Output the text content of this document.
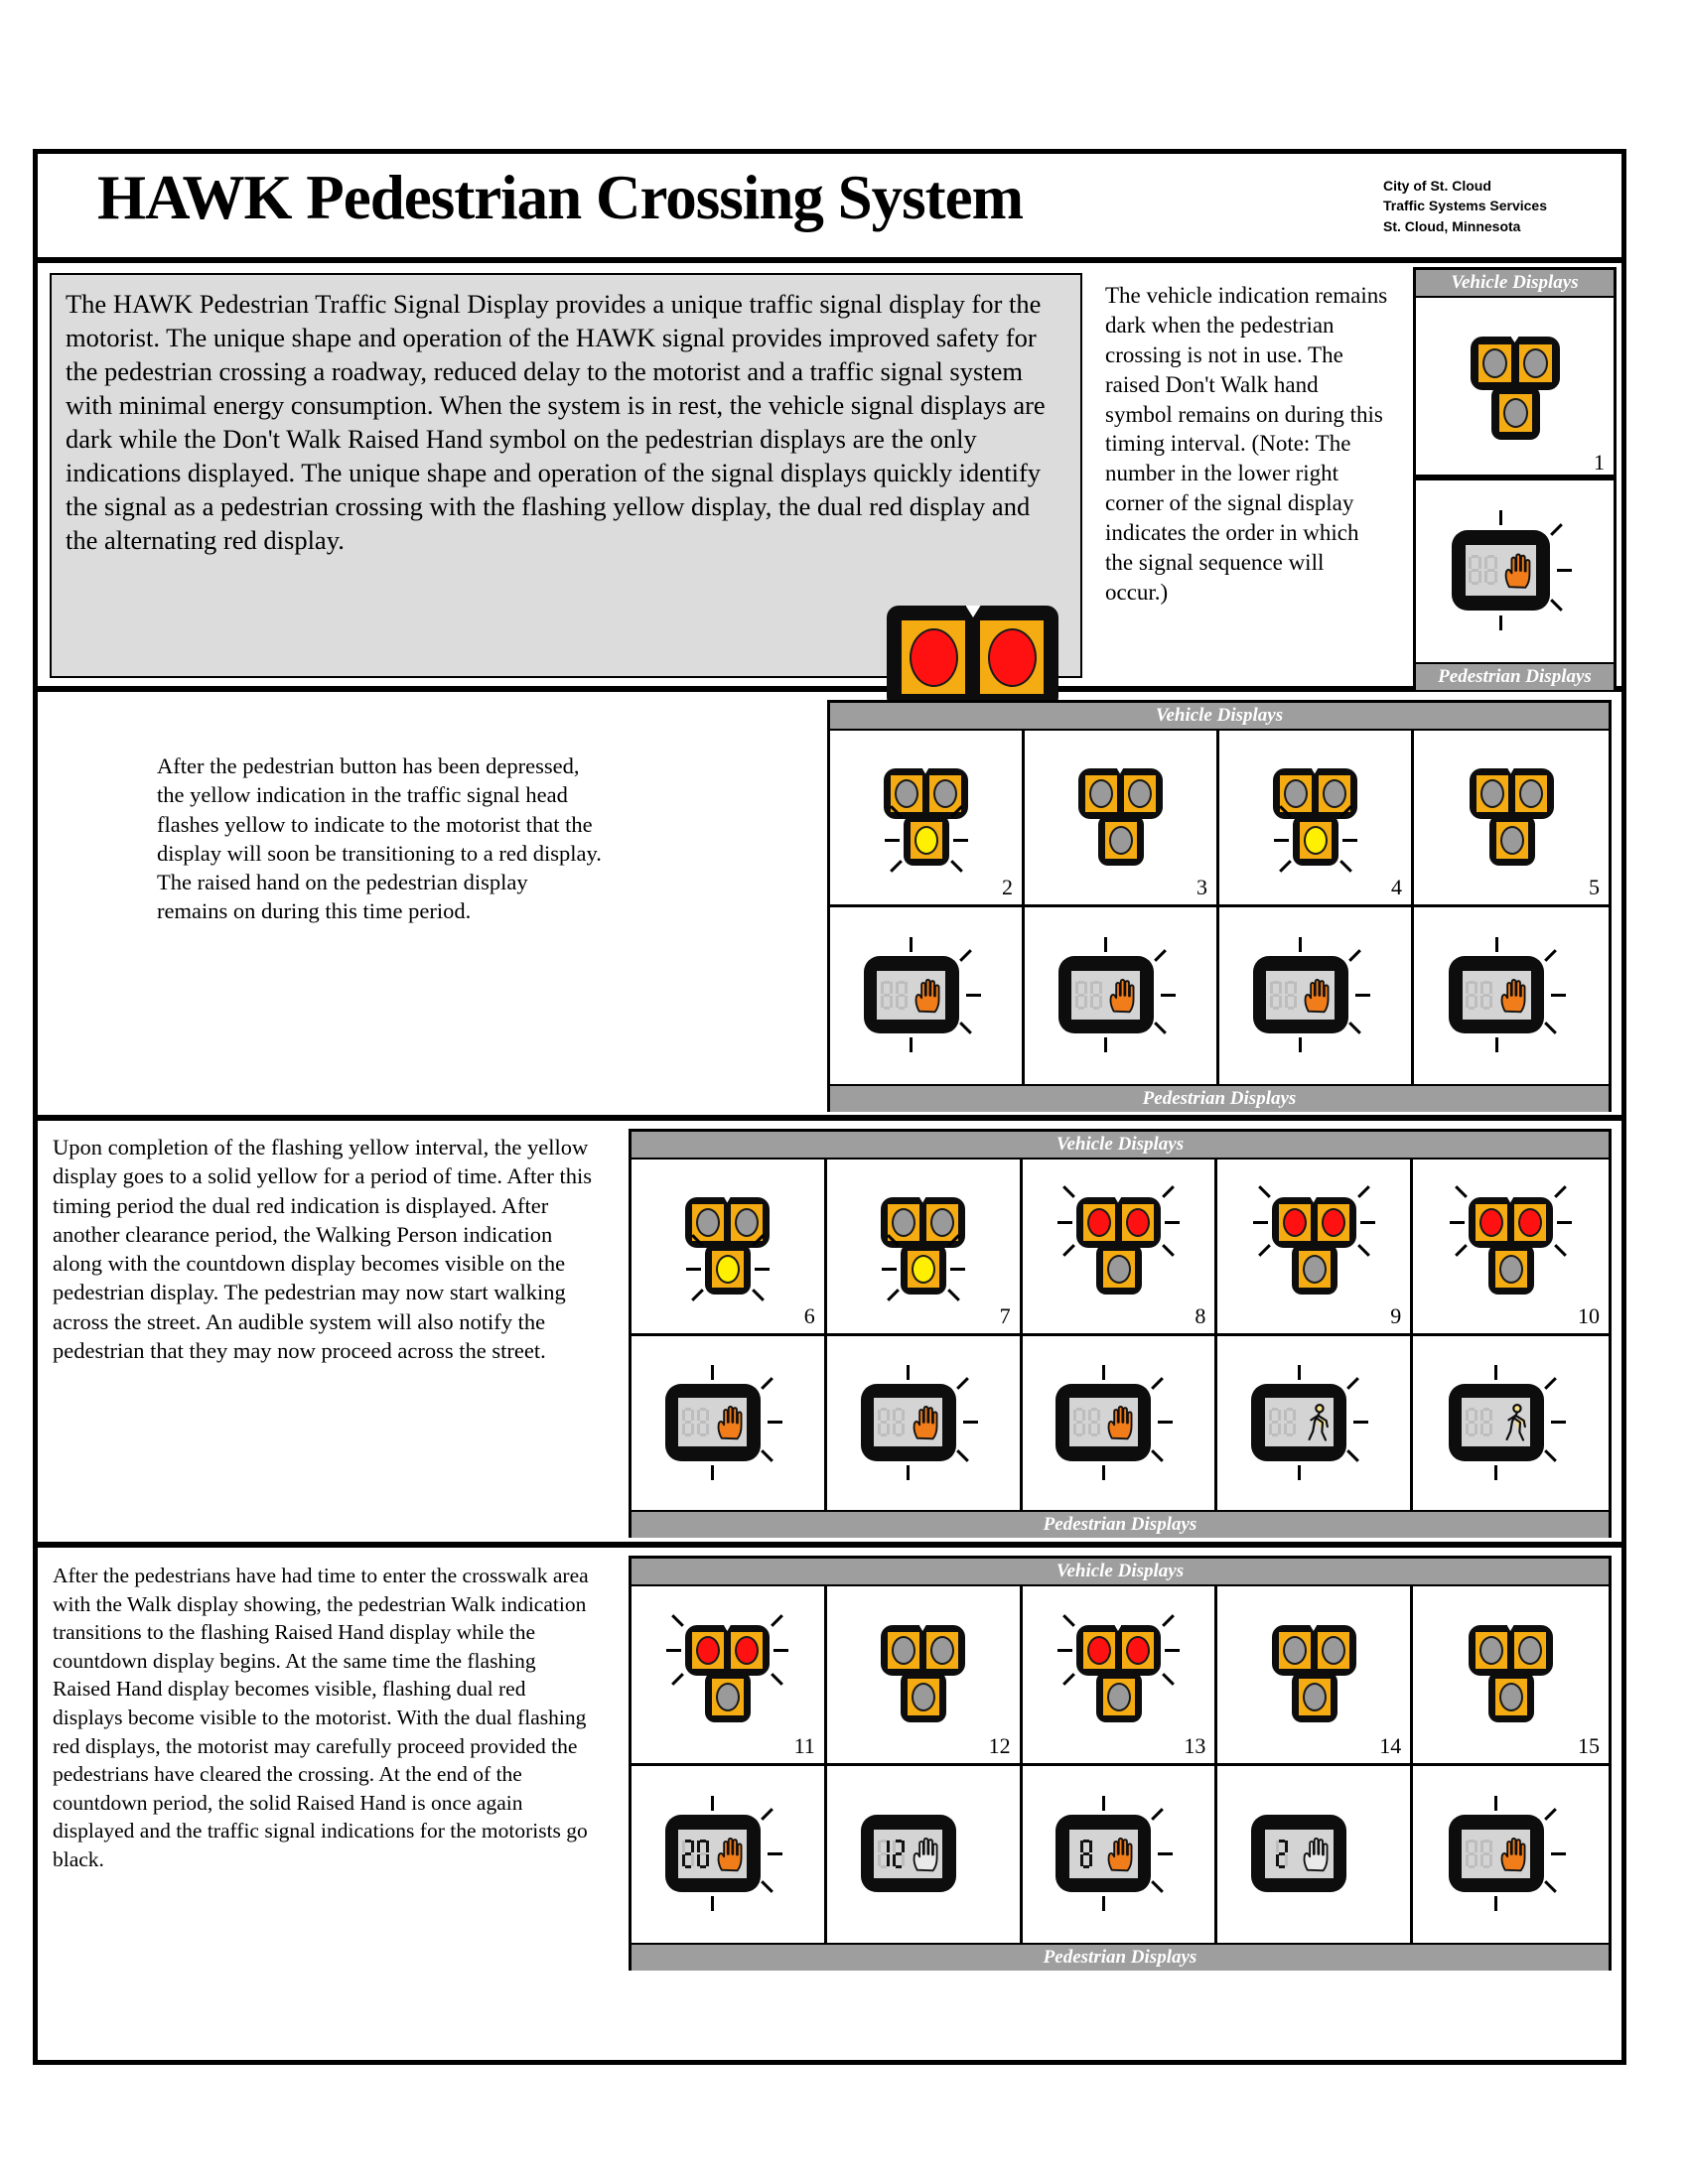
HAWK Pedestrian Crossing System	City of St. Cloud
Traffic Systems Services
St. Cloud, Minnesota
The HAWK Pedestrian Traffic Signal Display provides a unique traffic signal display for the motorist. The unique shape and operation of the HAWK signal provides improved safety for the pedestrian crossing a roadway, reduced delay to the motorist and a traffic signal system with minimal energy consumption. When the system is in rest, the vehicle signal displays are dark while the Don't Walk Raised Hand symbol on the pedestrian displays are the only indications displayed. The unique shape and operation of the signal displays quickly identify the signal as a pedestrian crossing with the flashing yellow display, the dual red display and the alternating red display.
The vehicle indication remains dark when the pedestrian crossing is not in use. The raised Don't Walk hand symbol remains on during this timing interval. (Note: The number in the lower right corner of the signal display indicates the order in which the signal sequence will occur.)
Vehicle Displays
1
Pedestrian Displays
After the pedestrian button has been depressed, the yellow indication in the traffic signal head flashes yellow to indicate to the motorist that the display will soon be transitioning to a red display. The raised hand on the pedestrian display remains on during this time period.
Vehicle Displays
2	3	4	5
Pedestrian Displays
Upon completion of the flashing yellow interval, the yellow display goes to a solid yellow for a period of time. After this timing period the dual red indication is displayed. After another clearance period, the Walking Person indication along with the countdown display becomes visible on the pedestrian display. The pedestrian may now start walking across the street. An audible system will also notify the pedestrian that they may now proceed across the street.
Vehicle Displays
6	7	8	9	10
Pedestrian Displays
After the pedestrians have had time to enter the crosswalk area with the Walk display showing, the pedestrian Walk indication transitions to the flashing Raised Hand display while the countdown display begins. At the same time the flashing Raised Hand display becomes visible, flashing dual red displays become visible to the motorist. With the dual flashing red displays, the motorist may carefully proceed provided the pedestrians have cleared the crossing. At the end of the countdown period, the solid Raised Hand is once again displayed and the traffic signal indications for the motorists go black.
Vehicle Displays
11	12	13	14	15
Pedestrian Displays
